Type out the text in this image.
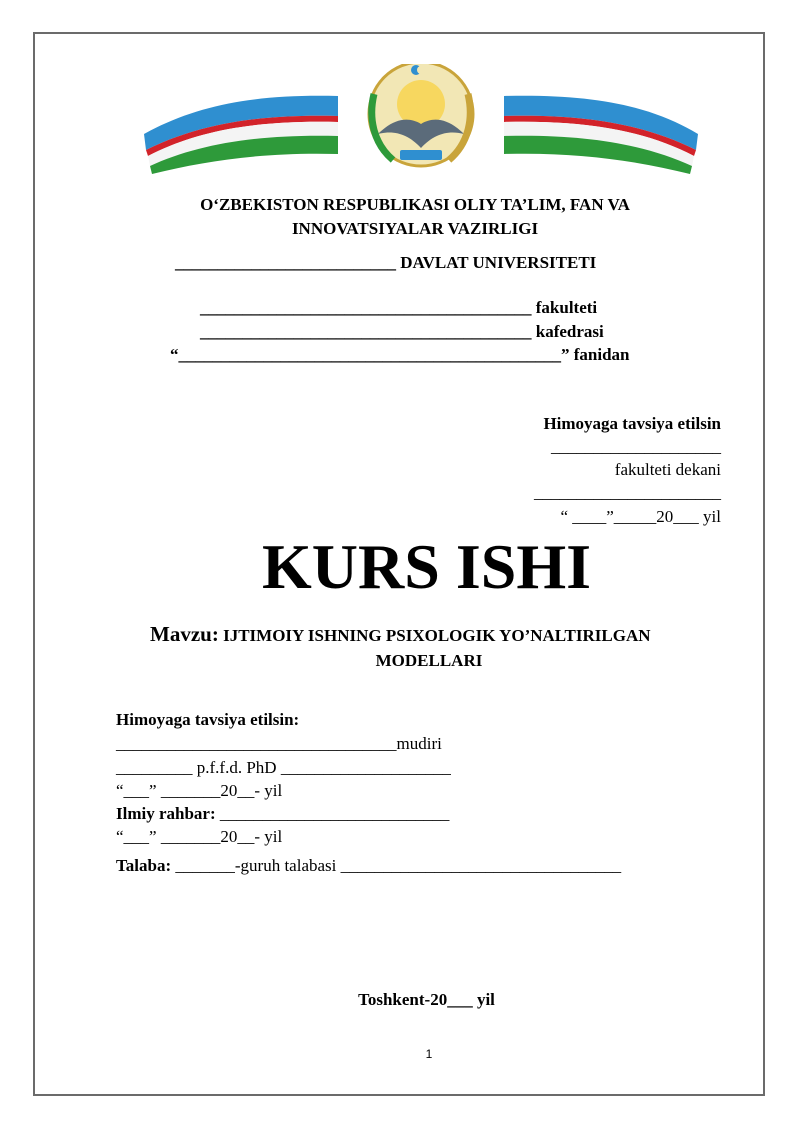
O‘ZBEKISTON RESPUBLIKASI OLIY TA’LIM, FAN VA
INNOVATSIYALAR VAZIRLIGI
__________________________ DAVLAT UNIVERSITETI
_______________________________________ fakulteti
_______________________________________ kafedrasi
“_____________________________________________” fanidan
Himoyaga tavsiya etilsin
____________________
fakulteti dekani
______________________
“ ____”_____20___ yil
KURS ISHI
Mavzu: IJTIMOIY ISHNING PSIXOLOGIK YO’NALTIRILGAN
MODELLARI
Himoyaga tavsiya etilsin:
_________________________________mudiri
_________ p.f.f.d. PhD ____________________
“___” _______20__- yil
Ilmiy rahbar: ___________________________
“___” _______20__- yil
Talaba: _______-guruh talabasi _________________________________
Toshkent-20___ yil
1
